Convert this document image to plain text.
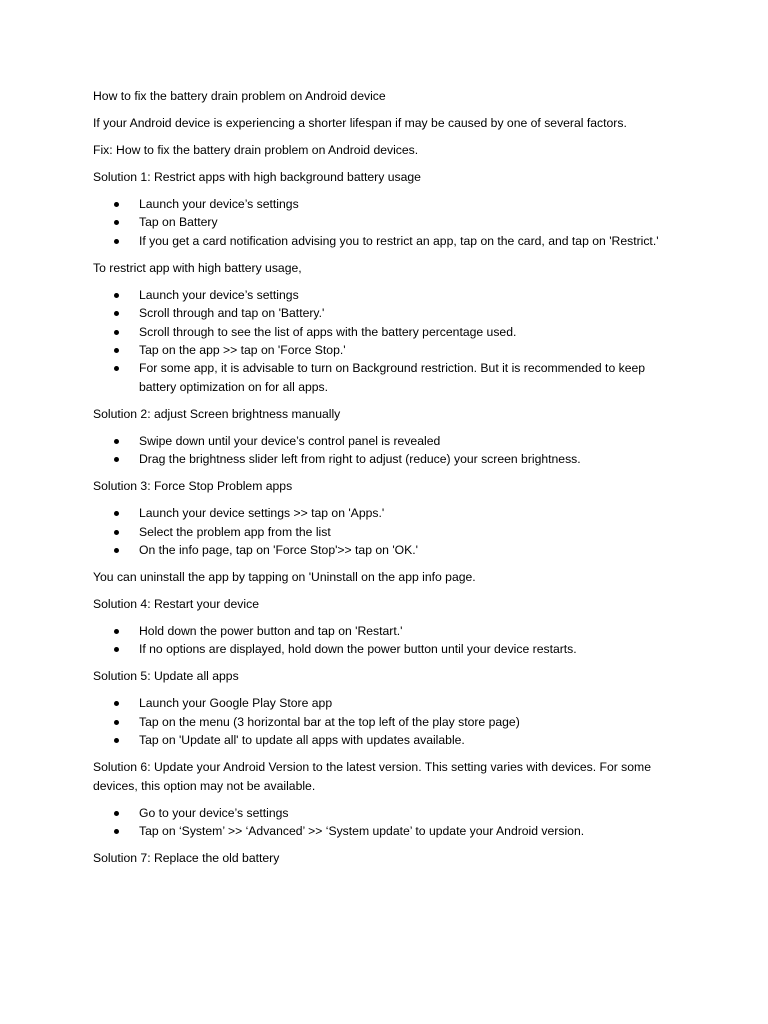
How to fix the battery drain problem on Android device

If your Android device is experiencing a shorter lifespan if may be caused by one of several factors.

Fix: How to fix the battery drain problem on Android devices.

Solution 1: Restrict apps with high background battery usage

Launch your device’s settings
Tap on Battery
If you get a card notification advising you to restrict an app, tap on the card, and tap on 'Restrict.'

To restrict app with high battery usage,

Launch your device’s settings
Scroll through and tap on 'Battery.'
Scroll through to see the list of apps with the battery percentage used.
Tap on the app >> tap on 'Force Stop.'
For some app, it is advisable to turn on Background restriction. But it is recommended to keep battery optimization on for all apps.

Solution 2: adjust Screen brightness manually

Swipe down until your device’s control panel is revealed
Drag the brightness slider left from right to adjust (reduce) your screen brightness.

Solution 3: Force Stop Problem apps

Launch your device settings >> tap on 'Apps.'
Select the problem app from the list
On the info page, tap on 'Force Stop'>> tap on 'OK.'

You can uninstall the app by tapping on 'Uninstall on the app info page.

Solution 4: Restart your device

Hold down the power button and tap on 'Restart.'
If no options are displayed, hold down the power button until your device restarts.

Solution 5: Update all apps

Launch your Google Play Store app
Tap on the menu (3 horizontal bar at the top left of the play store page)
Tap on 'Update all' to update all apps with updates available.

Solution 6: Update your Android Version to the latest version. This setting varies with devices. For some devices, this option may not be available.

Go to your device’s settings
Tap on ‘System’ >> ‘Advanced’ >> ‘System update’ to update your Android version.

Solution 7: Replace the old battery
